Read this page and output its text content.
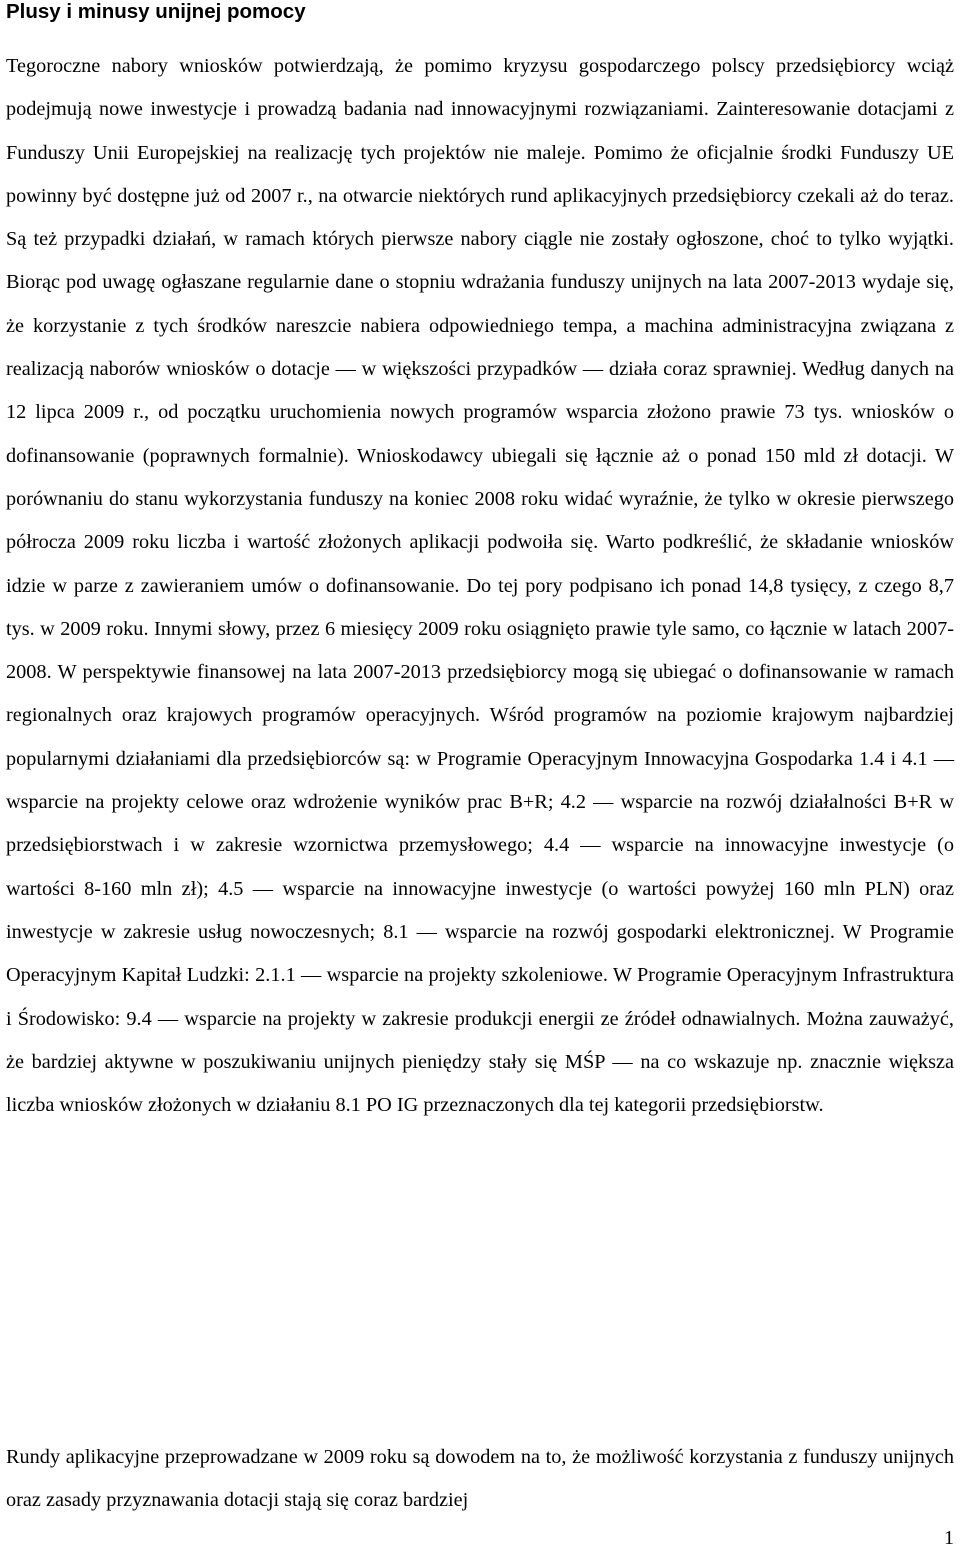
Plusy i minusy unijnej pomocy

Tegoroczne nabory wniosków potwierdzają, że pomimo kryzysu gospodarczego polscy przedsiębiorcy wciąż podejmują nowe inwestycje i prowadzą badania nad innowacyjnymi rozwiązaniami. Zainteresowanie dotacjami z Funduszy Unii Europejskiej na realizację tych projektów nie maleje. Pomimo że oficjalnie środki Funduszy UE powinny być dostępne już od 2007 r., na otwarcie niektórych rund aplikacyjnych przedsiębiorcy czekali aż do teraz. Są też przypadki działań, w ramach których pierwsze nabory ciągle nie zostały ogłoszone, choć to tylko wyjątki. Biorąc pod uwagę ogłaszane regularnie dane o stopniu wdrażania funduszy unijnych na lata 2007-2013 wydaje się, że korzystanie z tych środków nareszcie nabiera odpowiedniego tempa, a machina administracyjna związana z realizacją naborów wniosków o dotacje — w większości przypadków — działa coraz sprawniej. Według danych na 12 lipca 2009 r., od początku uruchomienia nowych programów wsparcia złożono prawie 73 tys. wniosków o dofinansowanie (poprawnych formalnie). Wnioskodawcy ubiegali się łącznie aż o ponad 150 mld zł dotacji. W porównaniu do stanu wykorzystania funduszy na koniec 2008 roku widać wyraźnie, że tylko w okresie pierwszego półrocza 2009 roku liczba i wartość złożonych aplikacji podwoiła się. Warto podkreślić, że składanie wniosków idzie w parze z zawieraniem umów o dofinansowanie. Do tej pory podpisano ich ponad 14,8 tysięcy, z czego 8,7 tys. w 2009 roku. Innymi słowy, przez 6 miesięcy 2009 roku osiągnięto prawie tyle samo, co łącznie w latach 2007-2008. W perspektywie finansowej na lata 2007-2013 przedsiębiorcy mogą się ubiegać o dofinansowanie w ramach regionalnych oraz krajowych programów operacyjnych. Wśród programów na poziomie krajowym najbardziej popularnymi działaniami dla przedsiębiorców są: w Programie Operacyjnym Innowacyjna Gospodarka 1.4 i 4.1 — wsparcie na projekty celowe oraz wdrożenie wyników prac B+R; 4.2 — wsparcie na rozwój działalności B+R w przedsiębiorstwach i w zakresie wzornictwa przemysłowego; 4.4 — wsparcie na innowacyjne inwestycje (o wartości 8-160 mln zł); 4.5 — wsparcie na innowacyjne inwestycje (o wartości powyżej 160 mln PLN) oraz inwestycje w zakresie usług nowoczesnych; 8.1 — wsparcie na rozwój gospodarki elektronicznej. W Programie Operacyjnym Kapitał Ludzki: 2.1.1 — wsparcie na projekty szkoleniowe. W Programie Operacyjnym Infrastruktura i Środowisko: 9.4 — wsparcie na projekty w zakresie produkcji energii ze źródeł odnawialnych. Można zauważyć, że bardziej aktywne w poszukiwaniu unijnych pieniędzy stały się MŚP — na co wskazuje np. znacznie większa liczba wniosków złożonych w działaniu 8.1 PO IG przeznaczonych dla tej kategorii przedsiębiorstw.

Rundy aplikacyjne przeprowadzane w 2009 roku są dowodem na to, że możliwość korzystania z funduszy unijnych oraz zasady przyznawania dotacji stają się coraz bardziej

1
